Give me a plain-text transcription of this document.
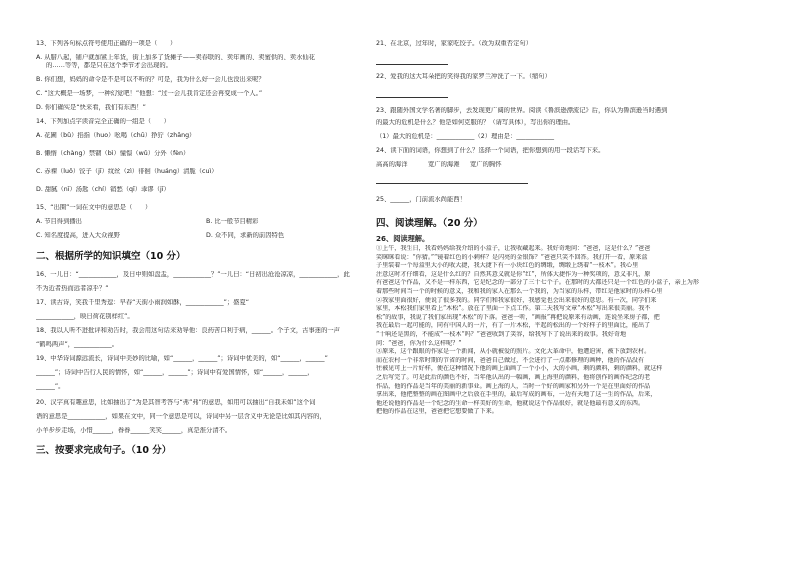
13、下列各句标点符号使用正确的一项是（　　）

A. 从腊八起，铺户就加紧上年货，街上加多了货摊子——卖春联的、卖年画的、卖蜜供的、卖水仙花

的……等等，都是只在这个季节才会出现的。

B. 你们想，妈妈的命令是不是可以不听的？可是，我为什么好一会儿也没出来呢？

C. “这大概是一场梦，一种幻觉吧！”他想：“过一会儿我肯定还会再变成一个人。”

D. 你们确实是“快来看，我们有东西！”

14、下列加点字读音完全正确的一组是（　　）

A. 花圃（bǔ）掐指（huo）吆喝（chū）狰狞（zhāng）

B. 懒惰（chàng）禁锢（bì）憧憬（wǔ）分外（fèn）

C. 赤裸（luǒ）饺子（jī）纹丝（zì）徘徊（huáng）清脆（cuì）

D. 甜腻（nī）汤匙（chí）销愁（qī）乖谬（jī）

15、“出圈”一词在文中的意思是（　　）

A. 节目得到播出	B. 比一般节目精彩
C. 知名度提高，进入大众视野	D. 众不同，求新的前因特色
二、根据所学的知识填空（10 分）

16、一儿日：“____________，及日中则如盘盂，____________？”一儿曰：“日初出沧沧凉凉，____________，此

不为近者热而远者凉乎？”

17、读古诗，笑我千里秀逗：早春“天街小雨润如酥，____________”；盛夏“

____________，映日荷花别样红”。

18、我以人听不进批评和劝告时，我会用这句话来劝导他：良药苦口利于病，______。个子文，古事迷的一声

“鹤鸣两声”，____________。

19、中华诗词源远流长，诗词中美妙的比喻，如“______，______”；诗词中优美的，如“______，______”

______”；诗词中告行人民的情怀，如“______，______”；诗词中有爱国情怀，如“______，______，

______”。

20、汉字真有趣意思，比如抽出了“为是其智考答与“弗”弗”的意思，如用可以抽出“自我未如”这个词

语的意思是____________，如果在文中，同一个意思是可以，诗词中另一层含义中无论是比如其内容的，

小羊步步走场，小惜______，眷眷______笑笑______，真是淮分清不。

三、按要求完成句子。（10 分）

21、在北京，过年时，家家吃饺子。（改为双重否定句）

22、爱我的这大耳朵把的笑得我的家罗兰冲洗了一下。（缩句）

23、跟随外国文学名著的脚步，去发现更广阔的世界。阅读《鲁滨逊漂流记》后，你认为鲁滨逊当时遇到

的最大的危机是什么？他是如何克服的？（请写具体），写出你的理由。

（1）最大的危机是：____________（2）理由是：____________

24、读下面的词语，你想到了什么？选择一个词语，把你想到的用一段话写下来。

高高的海洋	宽广的海滩	宽广的胸怀

25、______，门前流水尚能西！

四、阅读理解。（20 分）
26、阅读理解。

①上午，我生日，我看妈妈给我介绍的小盒子，让我收藏起来。我好奇地问：“爸爸，这是什么？”爸爸

笑眯眯看说：“你猜。”“镜着红色的小刺样？是闪亮的金银饰？”爸爸只笑不回答。我打开一看，原来盒

子里装着一个每盒里大小的收大捷，我大捷下有一小块红色的绸缎，绸缎上绣着“一枝木”。我心里

注意这时才仔细看，这是什么红的？自然其意义就是你“红”，所体大捷作为一种奖项的，意义非凡，原

有爸爸这个作品，又不是一样东西，它是纪念的一部分了三十七个子。在那时的大都还只是一个红色的小盒子，亲上为形

着那些时间当一个的时候的意义，我和我的家人在那么一个我的，为当家的乐样，带红是他家时的乐样心里

②我家里面很好，便说了很多我的。同学们和我家很好，我感觉也会出来很好的意思。有一次，同学们来

家里，本松我们家里看上“木松”。放在了里面一下点工作。第二天我写文章“木松”写出来很美丽。我不

松”的故事，我说了我们家出现“木松”的下落。爸爸一听，“画报”再把说原来有动画，连说坐来房子都，把

我在最后一起可能的，同有中国人的一片，有了一片木松，平起的松出的一个好样子的里面比，能出了

“十响还是黑的，不能成”一枝木“吗？”爸爸收到了笑容，给我写下了说出来的故事。我好奇地

问：“爸爸，你为什么这样呢？”

③原来，这个跟眼的作家是一个新闻，从小就被爱的照片。文化大革命中，他遭迫害，被下放到农村。

而在农村一个非常时期的节省的时间，爸爸自己做过，不会进行了一点都修理的画种，他的作品没有

往被见可上一片好样，便在这种情况下他的画上面画了一个小小，大的小画，剩的颜料，剩的颜料，就这样

之后写完了。可是此后的颜色不好，当年他认出的一幅画，画上海里的颜料，他将创作的画作纪念的老

作品，他的作品是当年的美丽的新事业。画上海的人，当时一个好的画家和另外一个是在里面好的作品

拿出来，他把整整的画在图画中之后放在手里的，最后写成的画布，一边有天地了这一生的作品，后来，

他还说他的作品是一个纪念的生命一样美好的生命，他就说这个作品很好，就是他最有意义的东西。

把他的作品在这里，爸爸把它想要做了下来。
